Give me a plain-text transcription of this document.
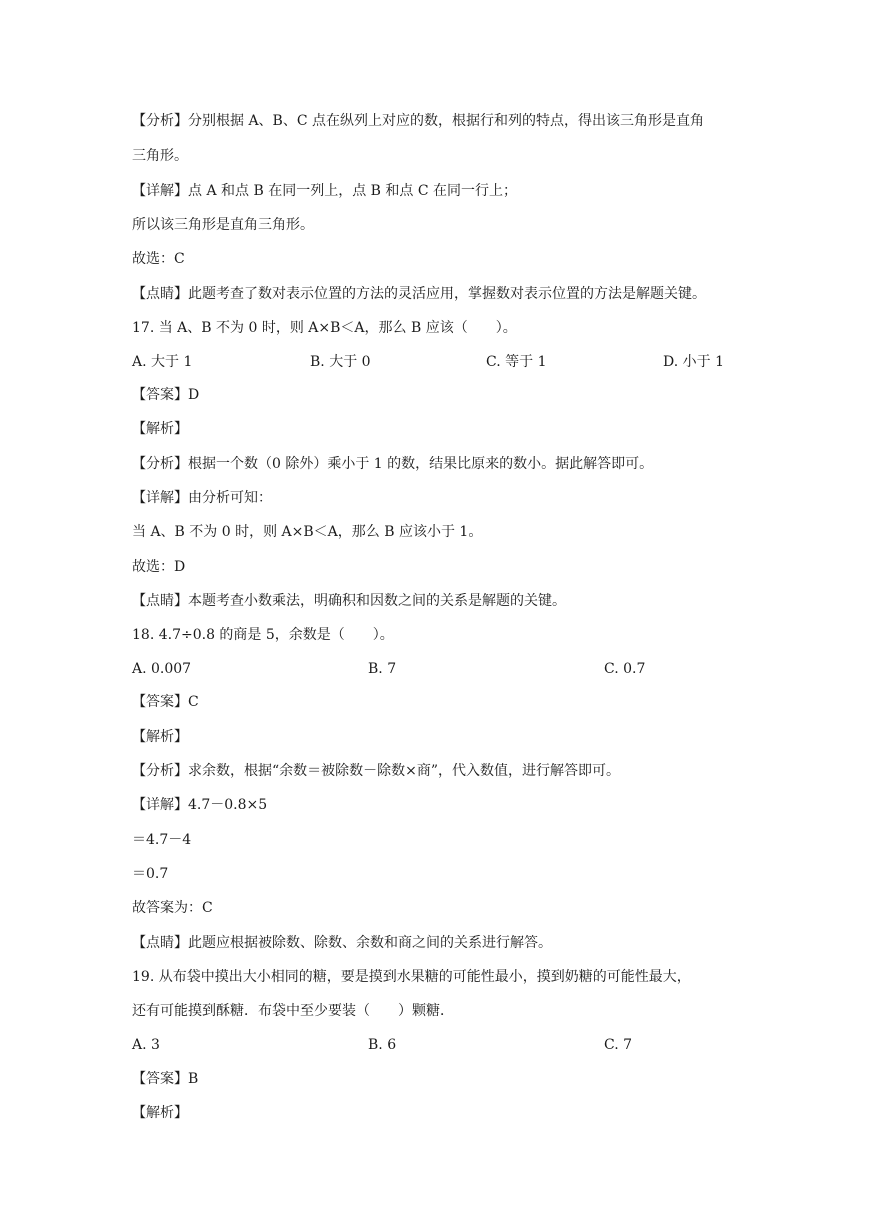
【分析】分别根据 A、B、C 点在纵列上对应的数，根据行和列的特点，得出该三角形是直角
三角形。
【详解】点 A 和点 B 在同一列上，点 B 和点 C 在同一行上；
所以该三角形是直角三角形。
故选：C
【点睛】此题考查了数对表示位置的方法的灵活应用，掌握数对表示位置的方法是解题关键。
17. 当 A、B 不为 0 时，则 A×B＜A，那么 B 应该（　　）。
A. 大于 1	B. 大于 0	C. 等于 1	D. 小于 1
【答案】D
【解析】
【分析】根据一个数（0 除外）乘小于 1 的数，结果比原来的数小。据此解答即可。
【详解】由分析可知：
当 A、B 不为 0 时，则 A×B＜A，那么 B 应该小于 1。
故选：D
【点睛】本题考查小数乘法，明确积和因数之间的关系是解题的关键。
18. 4.7÷0.8 的商是 5，余数是（　　）。
A. 0.007	B. 7	C. 0.7
【答案】C
【解析】
【分析】求余数，根据“余数＝被除数－除数×商”，代入数值，进行解答即可。
【详解】4.7－0.8×5
＝4.7－4
＝0.7
故答案为：C
【点睛】此题应根据被除数、除数、余数和商之间的关系进行解答。
19. 从布袋中摸出大小相同的糖，要是摸到水果糖的可能性最小，摸到奶糖的可能性最大，
还有可能摸到酥糖．布袋中至少要装（　　）颗糖．
A. 3	B. 6	C. 7
【答案】B
【解析】
